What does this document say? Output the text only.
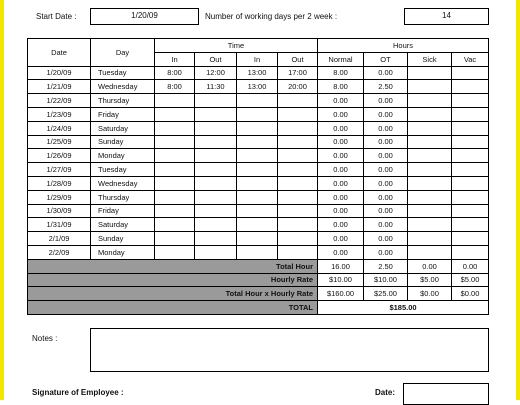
Start Date :	1/20/09	Number of working days per 2 week :	14
Date	Day	Time				Hours			
		In	Out	In	Out	Normal	OT	Sick	Vac
1/20/09	Tuesday	8:00	12:00	13:00	17:00	8.00	0.00		
1/21/09	Wednesday	8:00	11:30	13:00	20:00	8.00	2.50		
1/22/09	Thursday					0.00	0.00		
1/23/09	Friday					0.00	0.00		
1/24/09	Saturday					0.00	0.00		
1/25/09	Sunday					0.00	0.00		
1/26/09	Monday					0.00	0.00		
1/27/09	Tuesday					0.00	0.00		
1/28/09	Wednesday					0.00	0.00		
1/29/09	Thursday					0.00	0.00		
1/30/09	Friday					0.00	0.00		
1/31/09	Saturday					0.00	0.00		
2/1/09	Sunday					0.00	0.00		
2/2/09	Monday					0.00	0.00		
Total Hour						16.00	2.50	0.00	0.00
Hourly Rate						$10.00	$10.00	$5.00	$5.00
Total Hour x Hourly Rate						$160.00	$25.00	$0.00	$0.00
TOTAL						$185.00			
Notes :
Signature of Employee :	Date:
